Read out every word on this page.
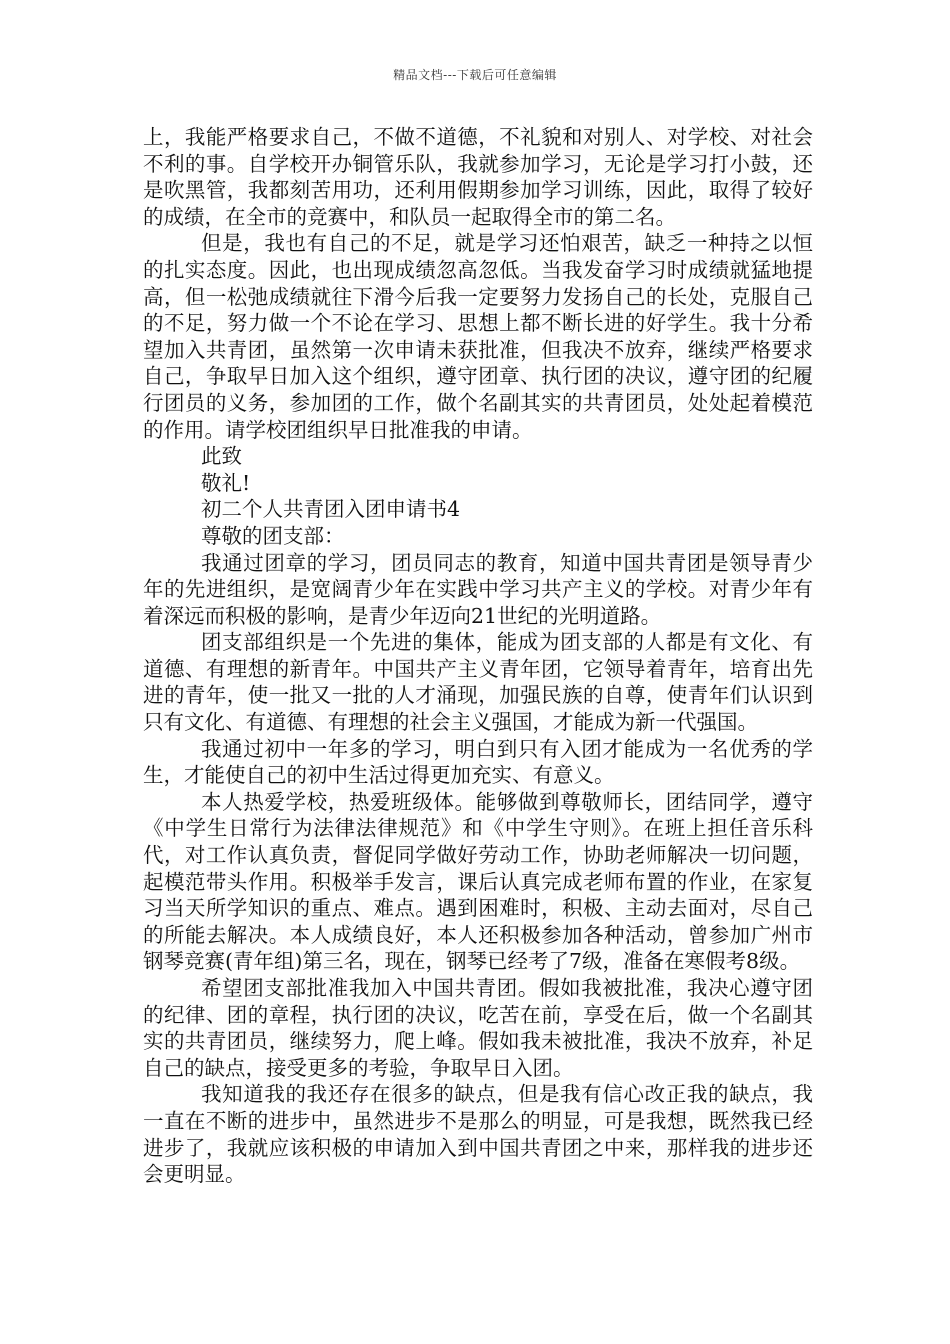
精品文档---下载后可任意编辑

上，我能严格要求自己，不做不道德，不礼貌和对别人、对学校、对社会不利的事。自学校开办铜管乐队，我就参加学习，无论是学习打小鼓，还是吹黑管，我都刻苦用功，还利用假期参加学习训练，因此，取得了较好的成绩，在全市的竞赛中，和队员一起取得全市的第二名。

但是，我也有自己的不足，就是学习还怕艰苦，缺乏一种持之以恒的扎实态度。因此，也出现成绩忽高忽低。当我发奋学习时成绩就猛地提高，但一松弛成绩就往下滑今后我一定要努力发扬自己的长处，克服自己的不足，努力做一个不论在学习、思想上都不断长进的好学生。我十分希望加入共青团，虽然第一次申请未获批准，但我决不放弃，继续严格要求自己，争取早日加入这个组织，遵守团章、执行团的决议，遵守团的纪履行团员的义务，参加团的工作，做个名副其实的共青团员，处处起着模范的作用。请学校团组织早日批准我的申请。

此致

敬礼!

初二个人共青团入团申请书4

尊敬的团支部：

我通过团章的学习，团员同志的教育，知道中国共青团是领导青少年的先进组织，是宽阔青少年在实践中学习共产主义的学校。对青少年有着深远而积极的影响，是青少年迈向21世纪的光明道路。

团支部组织是一个先进的集体，能成为团支部的人都是有文化、有道德、有理想的新青年。中国共产主义青年团，它领导着青年，培育出先进的青年，使一批又一批的人才涌现，加强民族的自尊，使青年们认识到只有文化、有道德、有理想的社会主义强国，才能成为新一代强国。

我通过初中一年多的学习，明白到只有入团才能成为一名优秀的学生，才能使自己的初中生活过得更加充实、有意义。

本人热爱学校，热爱班级体。能够做到尊敬师长，团结同学，遵守《中学生日常行为法律法律规范》和《中学生守则》。在班上担任音乐科代，对工作认真负责，督促同学做好劳动工作，协助老师解决一切问题，起模范带头作用。积极举手发言，课后认真完成老师布置的作业，在家复习当天所学知识的重点、难点。遇到困难时，积极、主动去面对，尽自己的所能去解决。本人成绩良好，本人还积极参加各种活动，曾参加广州市钢琴竞赛(青年组)第三名，现在，钢琴已经考了7级，准备在寒假考8级。

希望团支部批准我加入中国共青团。假如我被批准，我决心遵守团的纪律、团的章程，执行团的决议，吃苦在前，享受在后，做一个名副其实的共青团员，继续努力，爬上峰。假如我未被批准，我决不放弃，补足自己的缺点，接受更多的考验，争取早日入团。

我知道我的我还存在很多的缺点，但是我有信心改正我的缺点，我一直在不断的进步中，虽然进步不是那么的明显，可是我想，既然我已经进步了，我就应该积极的申请加入到中国共青团之中来，那样我的进步还会更明显。
